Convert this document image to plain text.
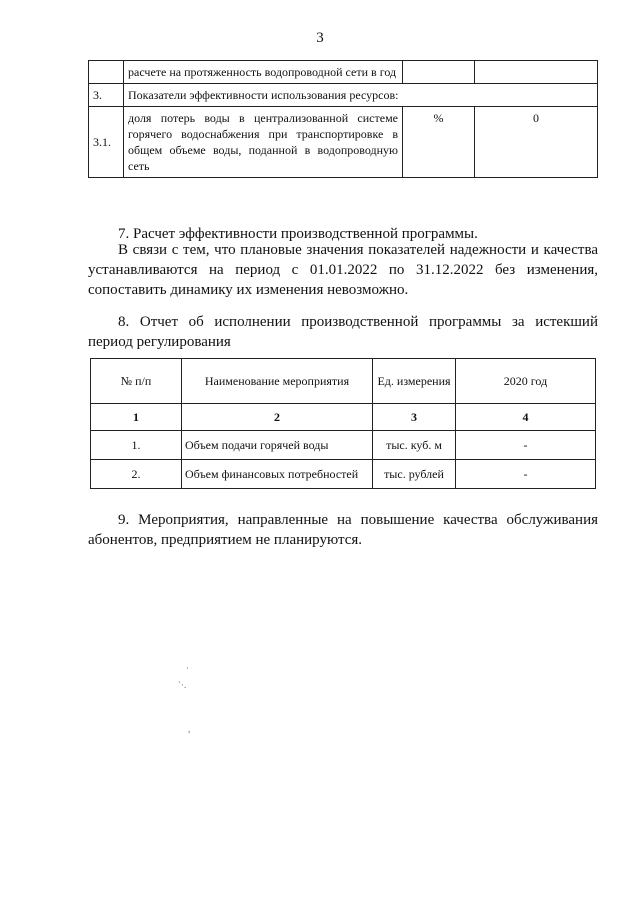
3
	расчете на протяженность водопроводной сети в год		
3.	Показатели эффективности использования ресурсов:		
3.1.	доля потерь воды в централизованной системе горячего водоснабжения при транспортировке в общем объеме воды, поданной в водопроводную сеть	%	0
7. Расчет эффективности производственной программы.
В связи с тем, что плановые значения показателей надежности и качества устанавливаются на период с 01.01.2022 по 31.12.2022 без изменения, сопоставить динамику их изменения невозможно.
8. Отчет об исполнении производственной программы за истекший период регулирования
№ п/п	Наименование мероприятия	Ед. измерения	2020 год
1	2	3	4
1.	Объем подачи горячей воды	тыс. куб. м	-
2.	Объем финансовых потребностей	тыс. рублей	-
9. Мероприятия, направленные на повышение качества обслуживания абонентов, предприятием не планируются.
·
`·.
,
